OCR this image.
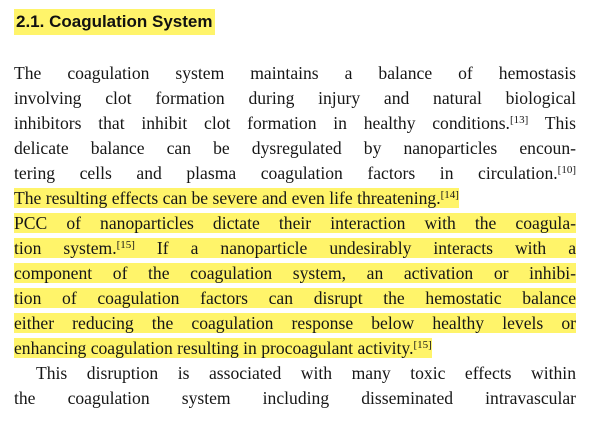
2.1. Coagulation System
The coagulation system maintains a balance of hemostasis
involving clot formation during injury and natural biological
inhibitors that inhibit clot formation in healthy conditions.[13] This
delicate balance can be dysregulated by nanoparticles encoun-
tering cells and plasma coagulation factors in circulation.[10]
The resulting effects can be severe and even life threatening.[14]
PCC of nanoparticles dictate their interaction with the coagula-
tion system.[15] If a nanoparticle undesirably interacts with a
component of the coagulation system, an activation or inhibi-
tion of coagulation factors can disrupt the hemostatic balance
either reducing the coagulation response below healthy levels or
enhancing coagulation resulting in procoagulant activity.[15]
This disruption is associated with many toxic effects within
the coagulation system including disseminated intravascular
